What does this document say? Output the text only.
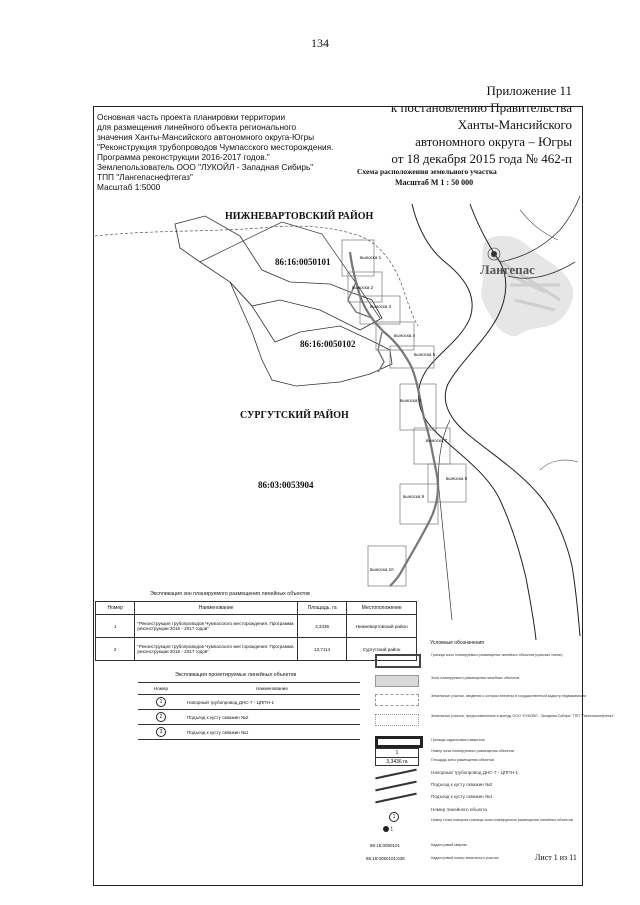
134
Приложение 11
к постановлению Правительства
Ханты-Мансийского
автономного округа – Югры
от 18 декабря 2015 года № 462-п
Основная часть проекта планировки территории
для размещения линейного объекта регионального
значения Ханты-Мансийского автономного округа-Югры
"Реконструкция трубопроводов Чумпасского месторождения.
Программа реконструкции 2016-2017 годов."
Землепользователь ООО "ЛУКОЙЛ - Западная Сибирь"
ТПП "Лангепаснефтегаз"
Масштаб 1:5000
Схема расположения земельного участка
Масштаб М 1 : 50 000
НИЖНЕВАРТОВСКИЙ РАЙОН
СУРГУТСКИЙ РАЙОН
86:16:0050101
86:16:0050102
86:03:0053904
Лангепас
выноска 1
выноска 2
выноска 3
выноска 4
выноска 5
выноска 6
выноска 7
выноска 8
выноска 9
выноска 10
Экспликация зон планируемого размещения линейных объектов
Номер	Наименование	Площадь, га	Местоположение
1	"Реконструкция трубопроводов Чумпасского месторождения. Программа реконструкции 2016 - 2017 годов"	3,3436	Нижневартовский район
2	"Реконструкция трубопроводов Чумпасского месторождения. Программа реконструкции 2016 - 2017 годов"	13,7114	Сургутский район
Экспликация проектируемых линейных объектов
Номер	Наименование
1	Напорный трубопровод ДНС-7 - ЦППН-1
2	Подъезд к кусту скважин №2
3	Подъезд к кусту скважин №1
Условные обозначения
Граница зоны планируемого размещения линейных объектов (красные линии)
Зона планируемого размещения линейных объектов
Земельные участки, сведения о которых внесены в государственный кадастр недвижимости
Земельные участки, предоставленные в аренду ООО "ЛУКОЙЛ - Западная Сибирь" ТПП "Лангепаснефтегаз"
Границы кадастрового квартала
1
3,3436 га
Номер зоны планируемого размещения объектов
Площадь зоны размещения объектов
Напорный трубопровод ДНС-7 - ЦППН-1
Подъезд к кусту скважин №2
Подъезд к кусту скважин №1
1
Номер линейного объекта
1
Номер точки поворота границы зоны планируемого размещения линейных объектов
86:16:0050101	Кадастровый квартал
86:16:0050101:636	Кадастровый номер земельного участка	Лист 1 из 11
